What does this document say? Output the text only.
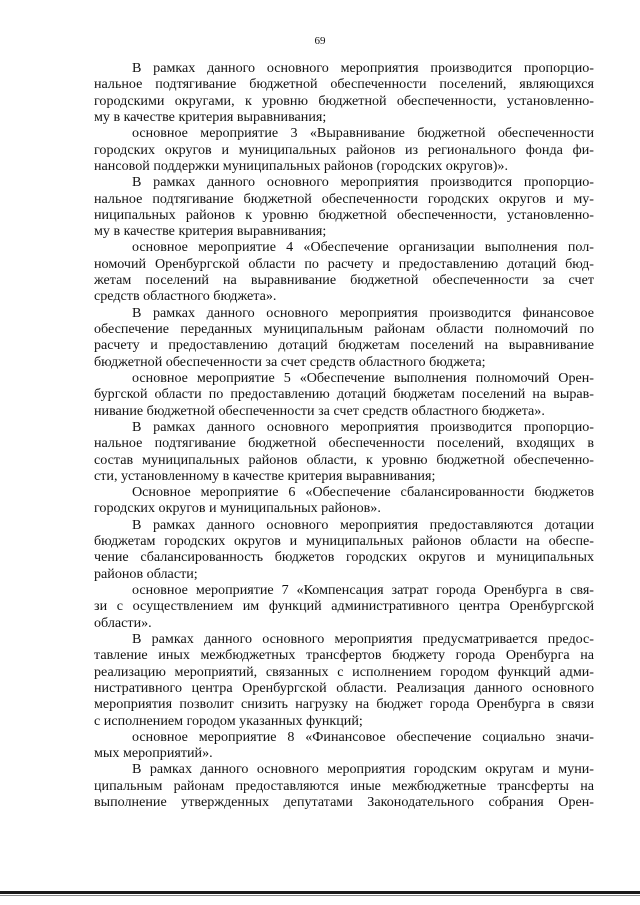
69
В рамках данного основного мероприятия производится пропорцио-
нальное подтягивание бюджетной обеспеченности поселений, являющихся
городскими округами, к уровню бюджетной обеспеченности, установленно-
му в качестве критерия выравнивания;
основное мероприятие 3 «Выравнивание бюджетной обеспеченности
городских округов и муниципальных районов из регионального фонда фи-
нансовой поддержки муниципальных районов (городских округов)».
В рамках данного основного мероприятия производится пропорцио-
нальное подтягивание бюджетной обеспеченности городских округов и му-
ниципальных районов к уровню бюджетной обеспеченности, установленно-
му в качестве критерия выравнивания;
основное мероприятие 4 «Обеспечение организации выполнения пол-
номочий Оренбургской области по расчету и предоставлению дотаций бюд-
жетам поселений на выравнивание бюджетной обеспеченности за счет
средств областного бюджета».
В рамках данного основного мероприятия производится финансовое
обеспечение переданных муниципальным районам области полномочий по
расчету и предоставлению дотаций бюджетам поселений на выравнивание
бюджетной обеспеченности за счет средств областного бюджета;
основное мероприятие 5 «Обеспечение выполнения полномочий Орен-
бургской области по предоставлению дотаций бюджетам поселений на вырав-
нивание бюджетной обеспеченности за счет средств областного бюджета».
В рамках данного основного мероприятия производится пропорцио-
нальное подтягивание бюджетной обеспеченности поселений, входящих в
состав муниципальных районов области, к уровню бюджетной обеспеченно-
сти, установленному в качестве критерия выравнивания;
Основное мероприятие 6 «Обеспечение сбалансированности бюджетов
городских округов и муниципальных районов».
В рамках данного основного мероприятия предоставляются дотации
бюджетам городских округов и муниципальных районов области на обеспе-
чение сбалансированность бюджетов городских округов и муниципальных
районов области;
основное мероприятие 7 «Компенсация затрат города Оренбурга в свя-
зи с осуществлением им функций административного центра Оренбургской
области».
В рамках данного основного мероприятия предусматривается предос-
тавление иных межбюджетных трансфертов бюджету города Оренбурга на
реализацию мероприятий, связанных с исполнением городом функций адми-
нистративного центра Оренбургской области. Реализация данного основного
мероприятия позволит снизить нагрузку на бюджет города Оренбурга в связи
с исполнением городом указанных функций;
основное мероприятие 8 «Финансовое обеспечение социально значи-
мых мероприятий».
В рамках данного основного мероприятия городским округам и муни-
ципальным районам предоставляются иные межбюджетные трансферты на
выполнение утвержденных депутатами Законодательного собрания Орен-
